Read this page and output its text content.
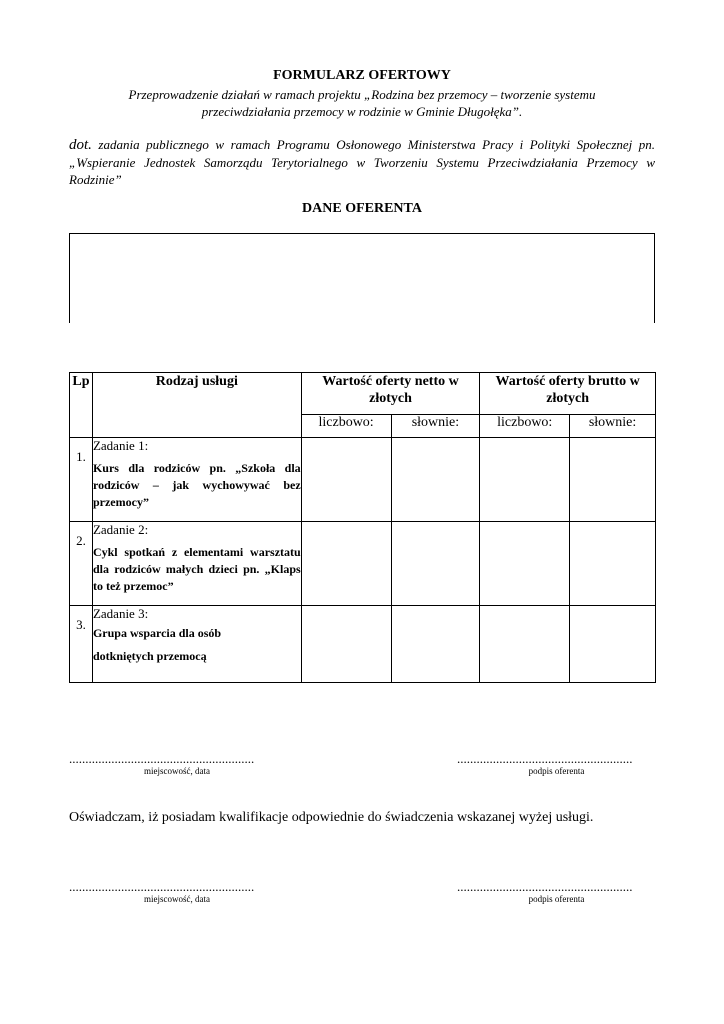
FORMULARZ OFERTOWY
Przeprowadzenie działań w ramach projektu „Rodzina bez przemocy – tworzenie systemu przeciwdziałania przemocy w rodzinie w Gminie Długołęka”.
dot. zadania publicznego w ramach Programu Osłonowego Ministerstwa Pracy i Polityki Społecznej pn. „Wspieranie Jednostek Samorządu Terytorialnego w Tworzeniu Systemu Przeciwdziałania Przemocy w Rodzinie”
DANE OFERENTA
Lp	Rodzaj usługi	Wartość oferty netto w złotych		Wartość oferty brutto w złotych	
		liczbowo:	słownie:	liczbowo:	słownie:

1.	Zadanie 1:
Kurs dla rodziców pn. „Szkoła dla rodziców – jak wychowywać bez przemocy”				

2.	Zadanie 2:
Cykl spotkań z elementami warsztatu dla rodziców małych dzieci pn. „Klaps to też przemoc”				

3.	Zadanie 3:
Grupa wsparcia dla osób dotkniętych przemocą				

.........................................................
miejscowość, data
......................................................
podpis oferenta
Oświadczam, iż posiadam kwalifikacje odpowiednie do świadczenia wskazanej wyżej usługi.
.........................................................
miejscowość, data
......................................................
podpis oferenta
